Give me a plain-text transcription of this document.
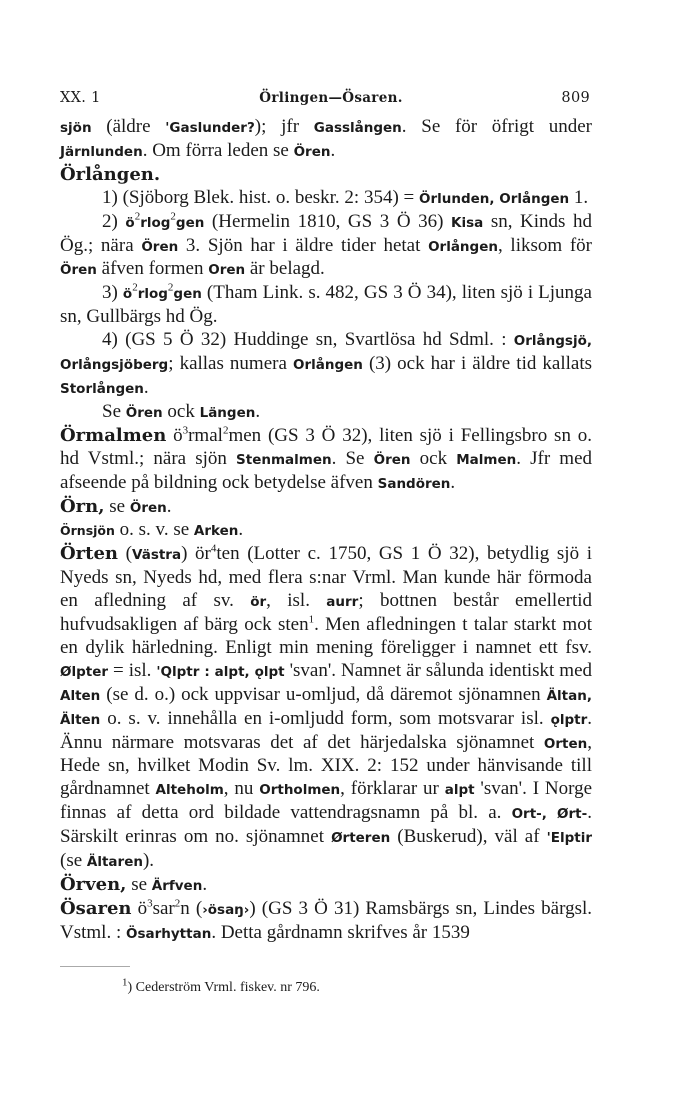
XX. 1	Örlingen—Ösaren.	809

sjön (äldre 'Gaslunder?); jfr Gasslången. Se för öfrigt under Järnlunden. Om förra leden se Ören.

Örlången.

1) (Sjöborg Blek. hist. o. beskr. 2: 354) = Örlunden, Orlången 1.

2) $ö^2rlog^2gen$ (Hermelin 1810, GS 3 Ö 36) Kisa sn, Kinds hd Ög.; nära Ören 3. Sjön har i äldre tider hetat Orlången, liksom för Ören äfven formen Oren är belagd.

3) $ö^2rlog^2gen$ (Tham Link. s. 482, GS 3 Ö 34), liten sjö i Ljunga sn, Gullbärgs hd Ög.

4) (GS 5 Ö 32) Huddinge sn, Svartlösa hd Sdml. : Orlångsjö, Orlångsjöberg; kallas numera Orlången (3) ock har i äldre tid kallats Storlången.

Se Ören ock Längen.

Örmalmen $ö^3rmal^2men$ (GS 3 Ö 32), liten sjö i Fellingsbro sn o. hd Vstml.; nära sjön Stenmalmen. Se Ören ock Malmen. Jfr med afseende på bildning ock betydelse äfven Sandören.

Örn, se Ören.

Örnsjön o. s. v. se Arken.

Örten (Västra) $ör^4ten$ (Lotter c. 1750, GS 1 Ö 32), betydlig sjö i Nyeds sn, Nyeds hd, med flera s:nar Vrml. Man kunde här förmoda en afledning af sv. ör, isl. aurr; bottnen består emellertid hufvudsakligen af bärg ock sten$^1$. Men afledningen t talar starkt mot en dylik härledning. Enligt min mening föreligger i namnet ett fsv. Ølpter = isl. 'Qlptr : alpt, ǫlpt 'svan'. Namnet är sålunda identiskt med Alten (se d. o.) ock uppvisar u-omljud, då däremot sjönamnen Ältan, Älten o. s. v. innehålla en i-omljudd form, som motsvarar isl. ǫlptr. Ännu närmare motsvaras det af det härjedalska sjönamnet Orten, Hede sn, hvilket Modin Sv. lm. XIX. 2: 152 under hänvisande till gårdnamnet Alteholm, nu Ortholmen, förklarar ur alpt 'svan'. I Norge finnas af detta ord bildade vattendragsnamn på bl. a. Ort-, Ørt-. Särskilt erinras om no. sjönamnet Ørteren (Buskerud), väl af 'Elptir (se Ältaren).

Örven, se Ärfven.

Ösaren $ö^3sar^2n$ (›ösaŋ›) (GS 3 Ö 31) Ramsbärgs sn, Lindes bärgsl. Vstml. : Ösarhyttan. Detta gårdnamn skrifves år 1539

$^1$) Cederström Vrml. fiskev. nr 796.
